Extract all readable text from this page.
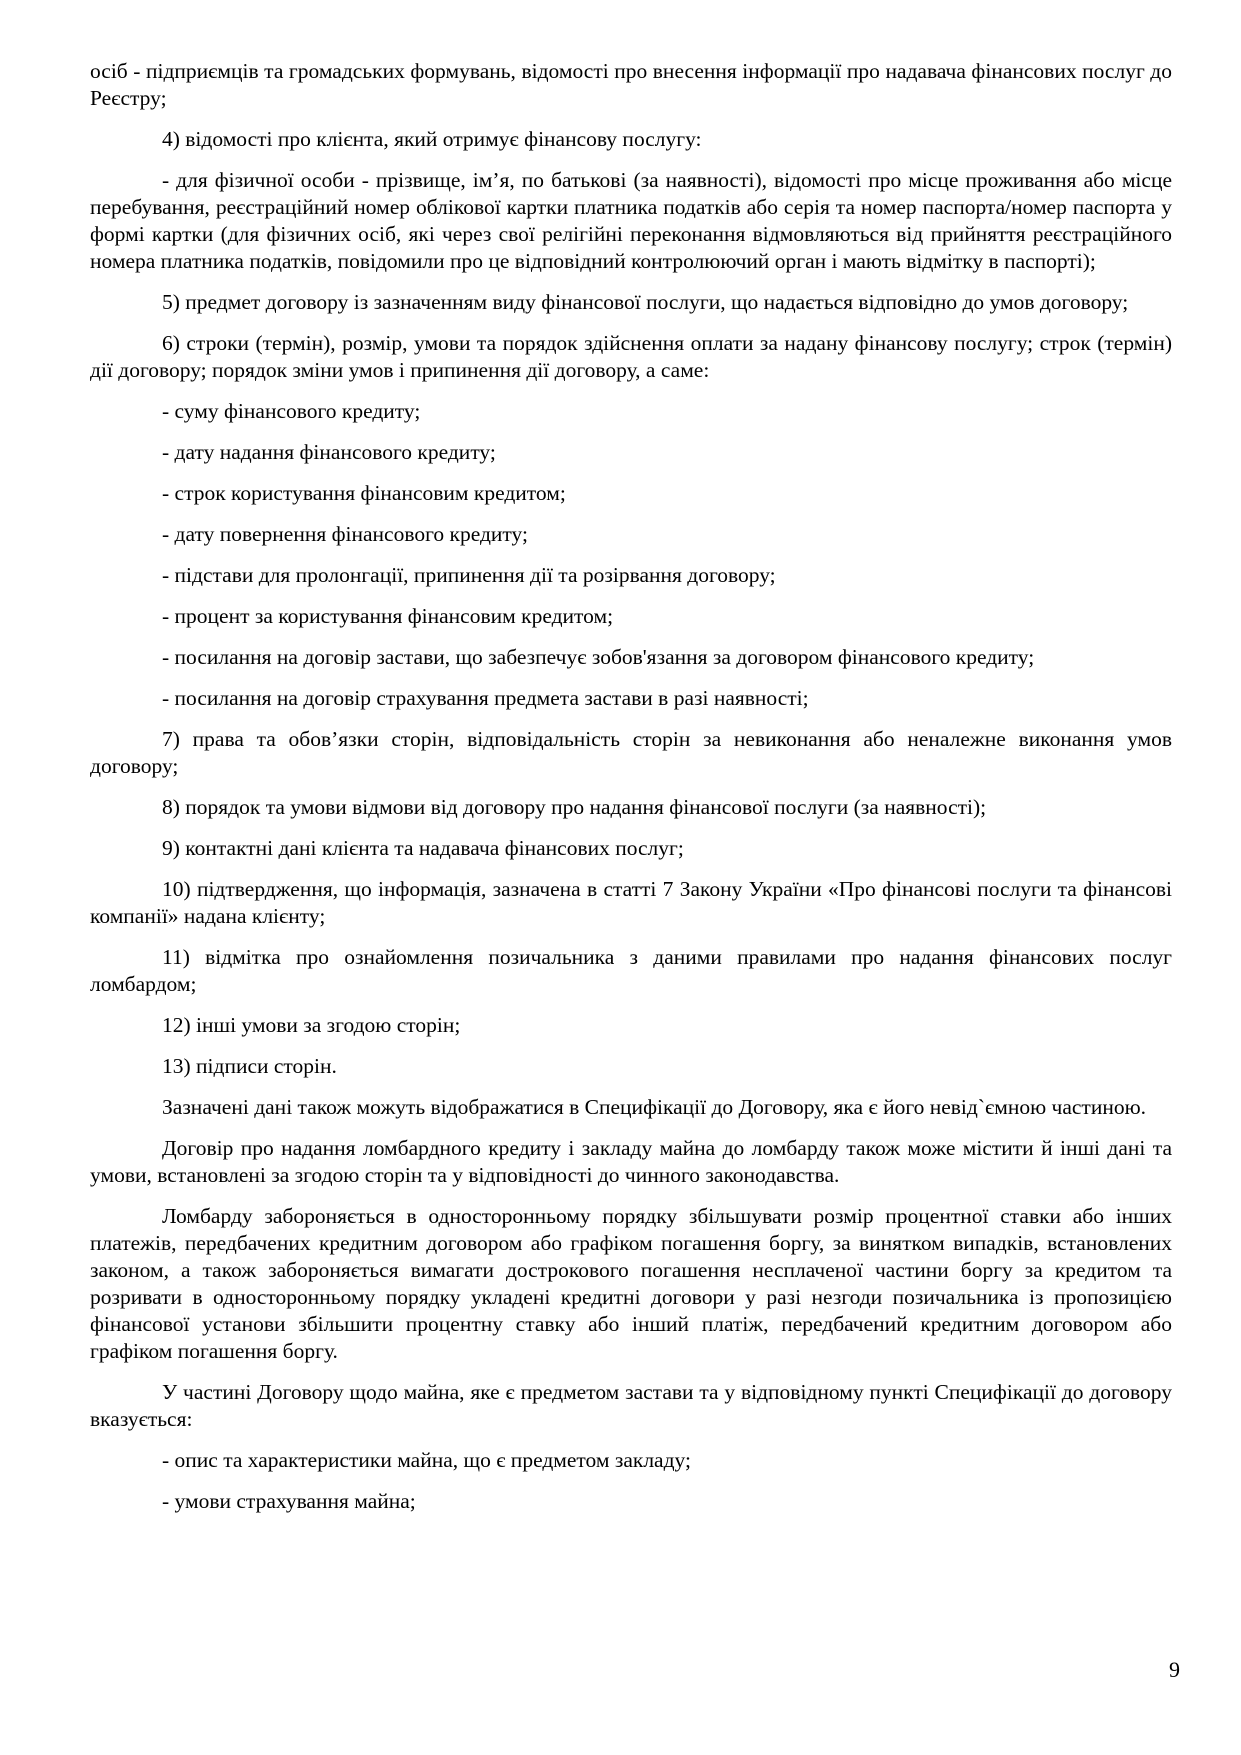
осіб - підприємців та громадських формувань, відомості про внесення інформації про надавача фінансових послуг до Реєстру;

4) відомості про клієнта, який отримує фінансову послугу:

- для фізичної особи - прізвище, ім’я, по батькові (за наявності), відомості про місце проживання або місце перебування, реєстраційний номер облікової картки платника податків або серія та номер паспорта/номер паспорта у формі картки (для фізичних осіб, які через свої релігійні переконання відмовляються від прийняття реєстраційного номера платника податків, повідомили про це відповідний контролюючий орган і мають відмітку в паспорті);

5) предмет договору із зазначенням виду фінансової послуги, що надається відповідно до умов договору;

6) строки (термін), розмір, умови та порядок здійснення оплати за надану фінансову послугу; строк (термін) дії договору; порядок зміни умов і припинення дії договору, а саме:

- суму фінансового кредиту;

- дату надання фінансового кредиту;

- строк користування фінансовим кредитом;

- дату повернення фінансового кредиту;

- підстави для пролонгації, припинення дії та розірвання договору;

- процент за користування фінансовим кредитом;

- посилання на договір застави, що забезпечує зобов'язання за договором фінансового кредиту;

- посилання на договір страхування предмета застави в разі наявності;

7) права та обов’язки сторін, відповідальність сторін за невиконання або неналежне виконання умов договору;

8) порядок та умови відмови від договору про надання фінансової послуги (за наявності);

9) контактні дані клієнта та надавача фінансових послуг;

10) підтвердження, що інформація, зазначена в статті 7 Закону України «Про фінансові послуги та фінансові компанії» надана клієнту;

11) відмітка про ознайомлення позичальника з даними правилами про надання фінансових послуг ломбардом;

12) інші умови за згодою сторін;

13) підписи сторін.

Зазначені дані також можуть відображатися в Специфікації до Договору, яка є його невід`ємною частиною.

Договір про надання ломбардного кредиту і закладу майна до ломбарду також може містити й інші дані та умови, встановлені за згодою сторін та у відповідності до чинного законодавства.

Ломбарду забороняється в односторонньому порядку збільшувати розмір процентної ставки або інших платежів, передбачених кредитним договором або графіком погашення боргу, за винятком випадків, встановлених законом, а також забороняється вимагати дострокового погашення несплаченої частини боргу за кредитом та розривати в односторонньому порядку укладені кредитні договори у разі незгоди позичальника із пропозицією фінансової установи збільшити процентну ставку або інший платіж, передбачений кредитним договором або графіком погашення боргу.

У частині Договору щодо майна, яке є предметом застави та у відповідному пункті Специфікації до договору вказується:

- опис та характеристики майна, що є предметом закладу;

- умови страхування майна;

9
